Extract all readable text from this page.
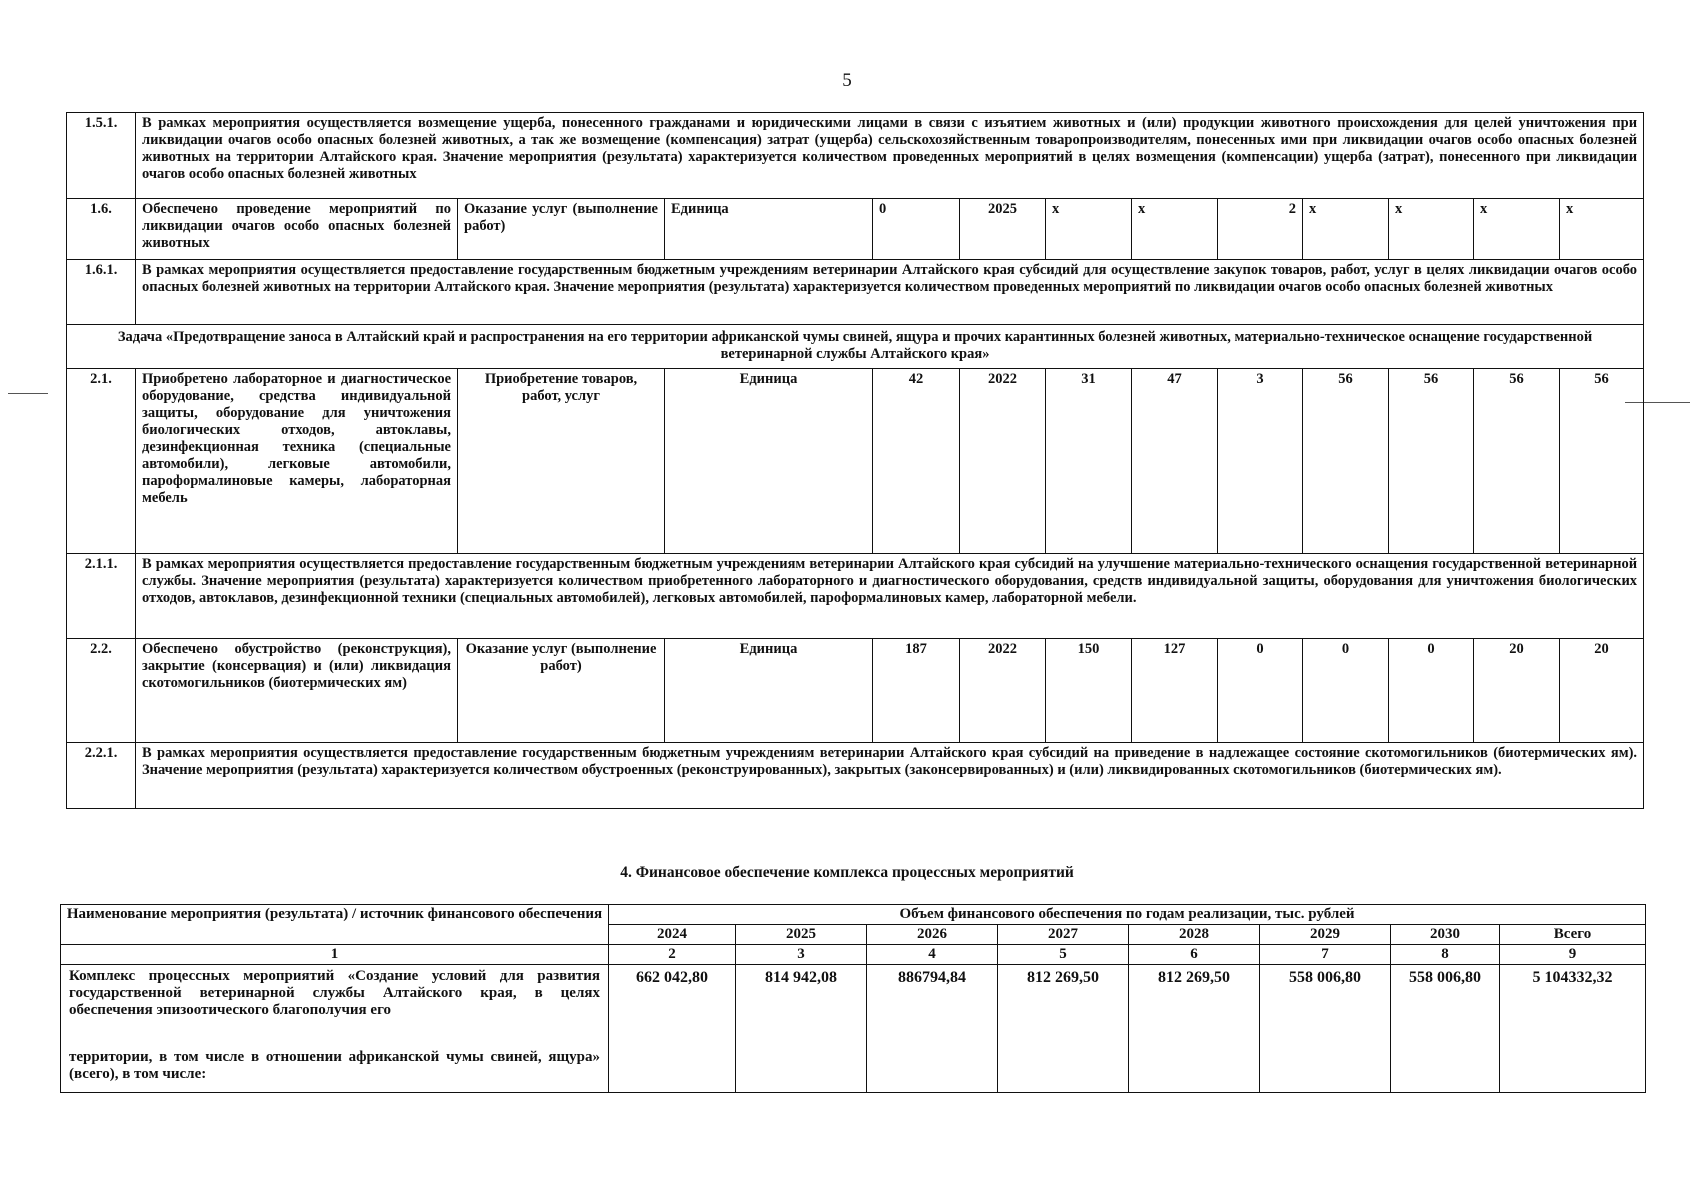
5
1.5.1.	В рамках мероприятия осуществляется возмещение ущерба, понесенного гражданами и юридическими лицами в связи с изъятием животных и (или) продукции животного происхождения для целей уничтожения при ликвидации очагов особо опасных болезней животных, а так же возмещение (компенсация) затрат (ущерба) сельскохозяйственным товаропроизводителям, понесенных ими при ликвидации очагов особо опасных болезней животных на территории Алтайского края. Значение мероприятия (результата) характеризуется количеством проведенных мероприятий в целях возмещения (компенсации) ущерба (затрат), понесенного при ликвидации очагов особо опасных болезней животных											
1.6.	Обеспечено проведение мероприятий по ликвидации очагов особо опасных болезней животных	Оказание услуг (выполнение работ)	Единица	0	2025	х	х	2	х	х	х	х
1.6.1.	В рамках мероприятия осуществляется предоставление государственным бюджетным учреждениям ветеринарии Алтайского края субсидий для осуществление закупок товаров, работ, услуг в целях ликвидации очагов особо опасных болезней животных на территории Алтайского края. Значение мероприятия (результата) характеризуется количеством проведенных мероприятий по ликвидации очагов особо опасных болезней животных											
Задача «Предотвращение заноса в Алтайский край и распространения на его территории африканской чумы свиней, ящура и прочих карантинных болезней животных, материально-техническое оснащение государственной ветеринарной службы Алтайского края»												
2.1.	Приобретено лабораторное и диагностическое оборудование, средства индивидуальной защиты, оборудование для уничтожения биологических отходов, автоклавы, дезинфекционная техника (специальные автомобили), легковые автомобили, пароформалиновые камеры, лабораторная мебель	Приобретение товаров, работ, услуг	Единица	42	2022	31	47	3	56	56	56	56
2.1.1.	В рамках мероприятия осуществляется предоставление государственным бюджетным учреждениям ветеринарии Алтайского края субсидий на улучшение материально-технического оснащения государственной ветеринарной службы. Значение мероприятия (результата) характеризуется количеством приобретенного лабораторного и диагностического оборудования, средств индивидуальной защиты, оборудования для уничтожения биологических отходов, автоклавов, дезинфекционной техники (специальных автомобилей), легковых автомобилей, пароформалиновых камер, лабораторной мебели.											
2.2.	Обеспечено обустройство (реконструкция), закрытие (консервация) и (или) ликвидация скотомогильников (биотермических ям)	Оказание услуг (выполнение работ)	Единица	187	2022	150	127	0	0	0	20	20
2.2.1.	В рамках мероприятия осуществляется предоставление государственным бюджетным учреждениям ветеринарии Алтайского края субсидий на приведение в надлежащее состояние скотомогильников (биотермических ям). Значение мероприятия (результата) характеризуется количеством обустроенных (реконструированных), закрытых (законсервированных) и (или) ликвидированных скотомогильников (биотермических ям).											
4. Финансовое обеспечение комплекса процессных мероприятий
Наименование мероприятия (результата) / источник финансового обеспечения	Объем финансового обеспечения по годам реализации, тыс. рублей							
	2024	2025	2026	2027	2028	2029	2030	Всего
1	2	3	4	5	6	7	8	9

Комплекс процессных мероприятий «Создание условий для развития государственной ветеринарной службы Алтайского края, в целях обеспечения эпизоотического благополучия его
территории, в том числе в отношении африканской чумы свиней, ящура» (всего), в том числе:	662 042,80	814 942,08	886794,84	812 269,50	812 269,50	558 006,80	558 006,80	5 104332,32
